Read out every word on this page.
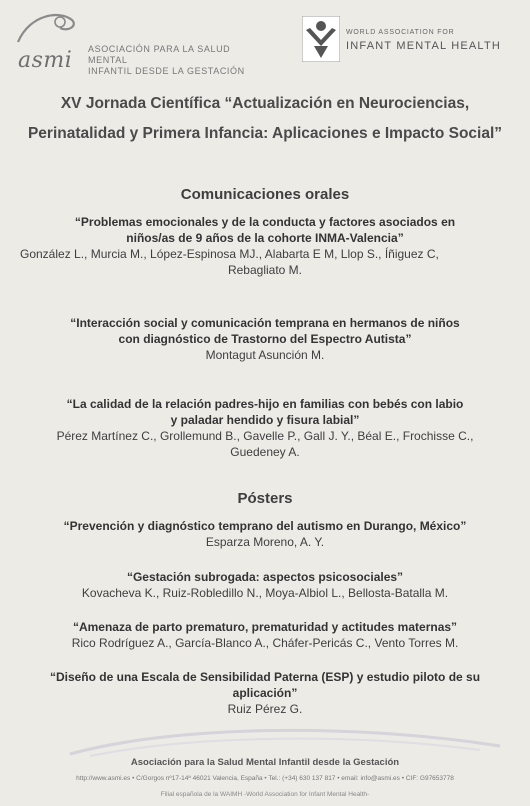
asmi ASOCIACIÓN PARA LA SALUD MENTAL
INFANTIL DESDE LA GESTACIÓN
WORLD ASSOCIATION FOR
INFANT MENTAL HEALTH
XV Jornada Científica “Actualización en Neurociencias,
Perinatalidad y Primera Infancia: Aplicaciones e Impacto Social”
Comunicaciones orales
“Problemas emocionales y de la conducta y factores asociados en
niños/as de 9 años de la cohorte INMA-Valencia”
González L., Murcia M., López-Espinosa MJ., Alabarta E M, Llop S., Íñiguez C,
Rebagliato M.
“Interacción social y comunicación temprana en hermanos de niños
con diagnóstico de Trastorno del Espectro Autista”
Montagut Asunción M.
“La calidad de la relación padres-hijo en familias con bebés con labio
y paladar hendido y fisura labial”
Pérez Martínez C., Grollemund B., Gavelle P., Gall J. Y., Béal E., Frochisse C.,
Guedeney A.
Pósters
“Prevención y diagnóstico temprano del autismo en Durango, México”
Esparza Moreno, A. Y.
“Gestación subrogada: aspectos psicosociales”
Kovacheva K., Ruiz-Robledillo N., Moya-Albiol L., Bellosta-Batalla M.
“Amenaza de parto prematuro, prematuridad y actitudes maternas”
Rico Rodríguez A., García-Blanco A., Cháfer-Pericás C., Vento Torres M.
“Diseño de una Escala de Sensibilidad Paterna (ESP) y estudio piloto de su
aplicación”
Ruiz Pérez G.
Asociación para la Salud Mental Infantil desde la Gestación
http://www.asmi.es • C/Gorgos nº17-14ª 46021 Valencia, España • Tel.: (+34) 630 137 817 • email: info@asmi.es • CIF: G97653778
Filial española de la WAIMH -World Association for Infant Mental Health-
